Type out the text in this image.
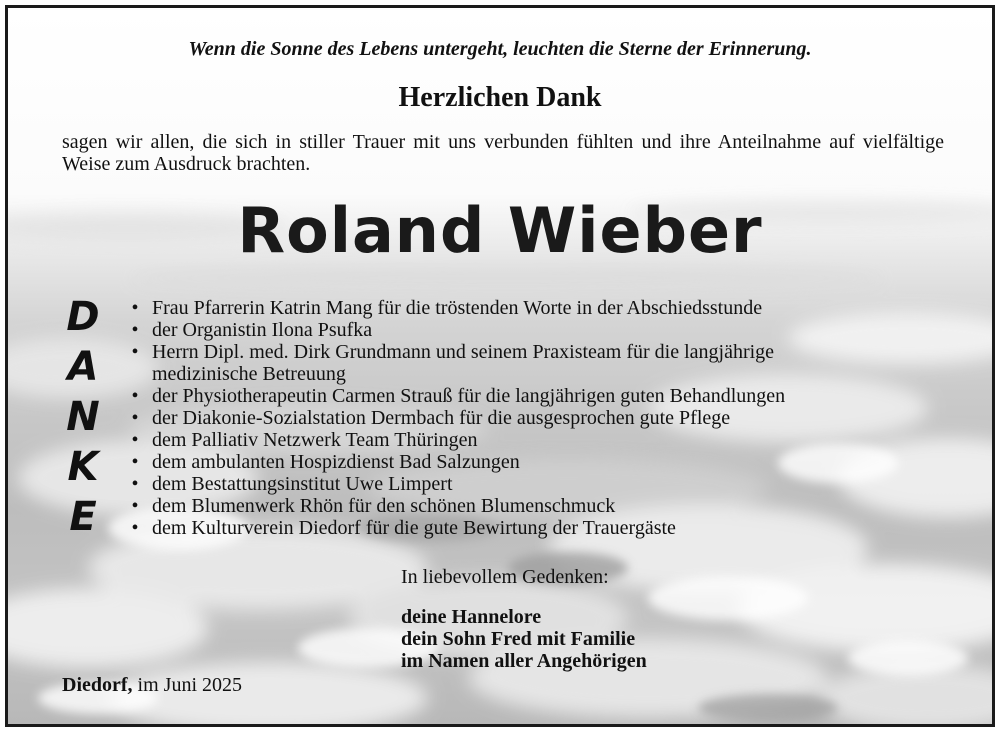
Wenn die Sonne des Lebens untergeht, leuchten die Sterne der Erinnerung.

Herzlichen Dank

sagen wir allen, die sich in stiller Trauer mit uns verbunden fühlten und ihre Anteilnahme auf vielfältige Weise zum Ausdruck brachten.

Roland Wieber
D
A
N
K
E
• Frau Pfarrerin Katrin Mang für die tröstenden Worte in der Abschiedsstunde
• der Organistin Ilona Psufka
• Herrn Dipl. med. Dirk Grundmann und seinem Praxisteam für die langjährige medizinische Betreuung
• der Physiotherapeutin Carmen Strauß für die langjährigen guten Behandlungen
• der Diakonie-Sozialstation Dermbach für die ausgesprochen gute Pflege
• dem Palliativ Netzwerk Team Thüringen
• dem ambulanten Hospizdienst Bad Salzungen
• dem Bestattungsinstitut Uwe Limpert
• dem Blumenwerk Rhön für den schönen Blumenschmuck
• dem Kulturverein Diedorf für die gute Bewirtung der Trauergäste

In liebevollem Gedenken:

deine Hannelore
dein Sohn Fred mit Familie
im Namen aller Angehörigen

Diedorf, im Juni 2025
